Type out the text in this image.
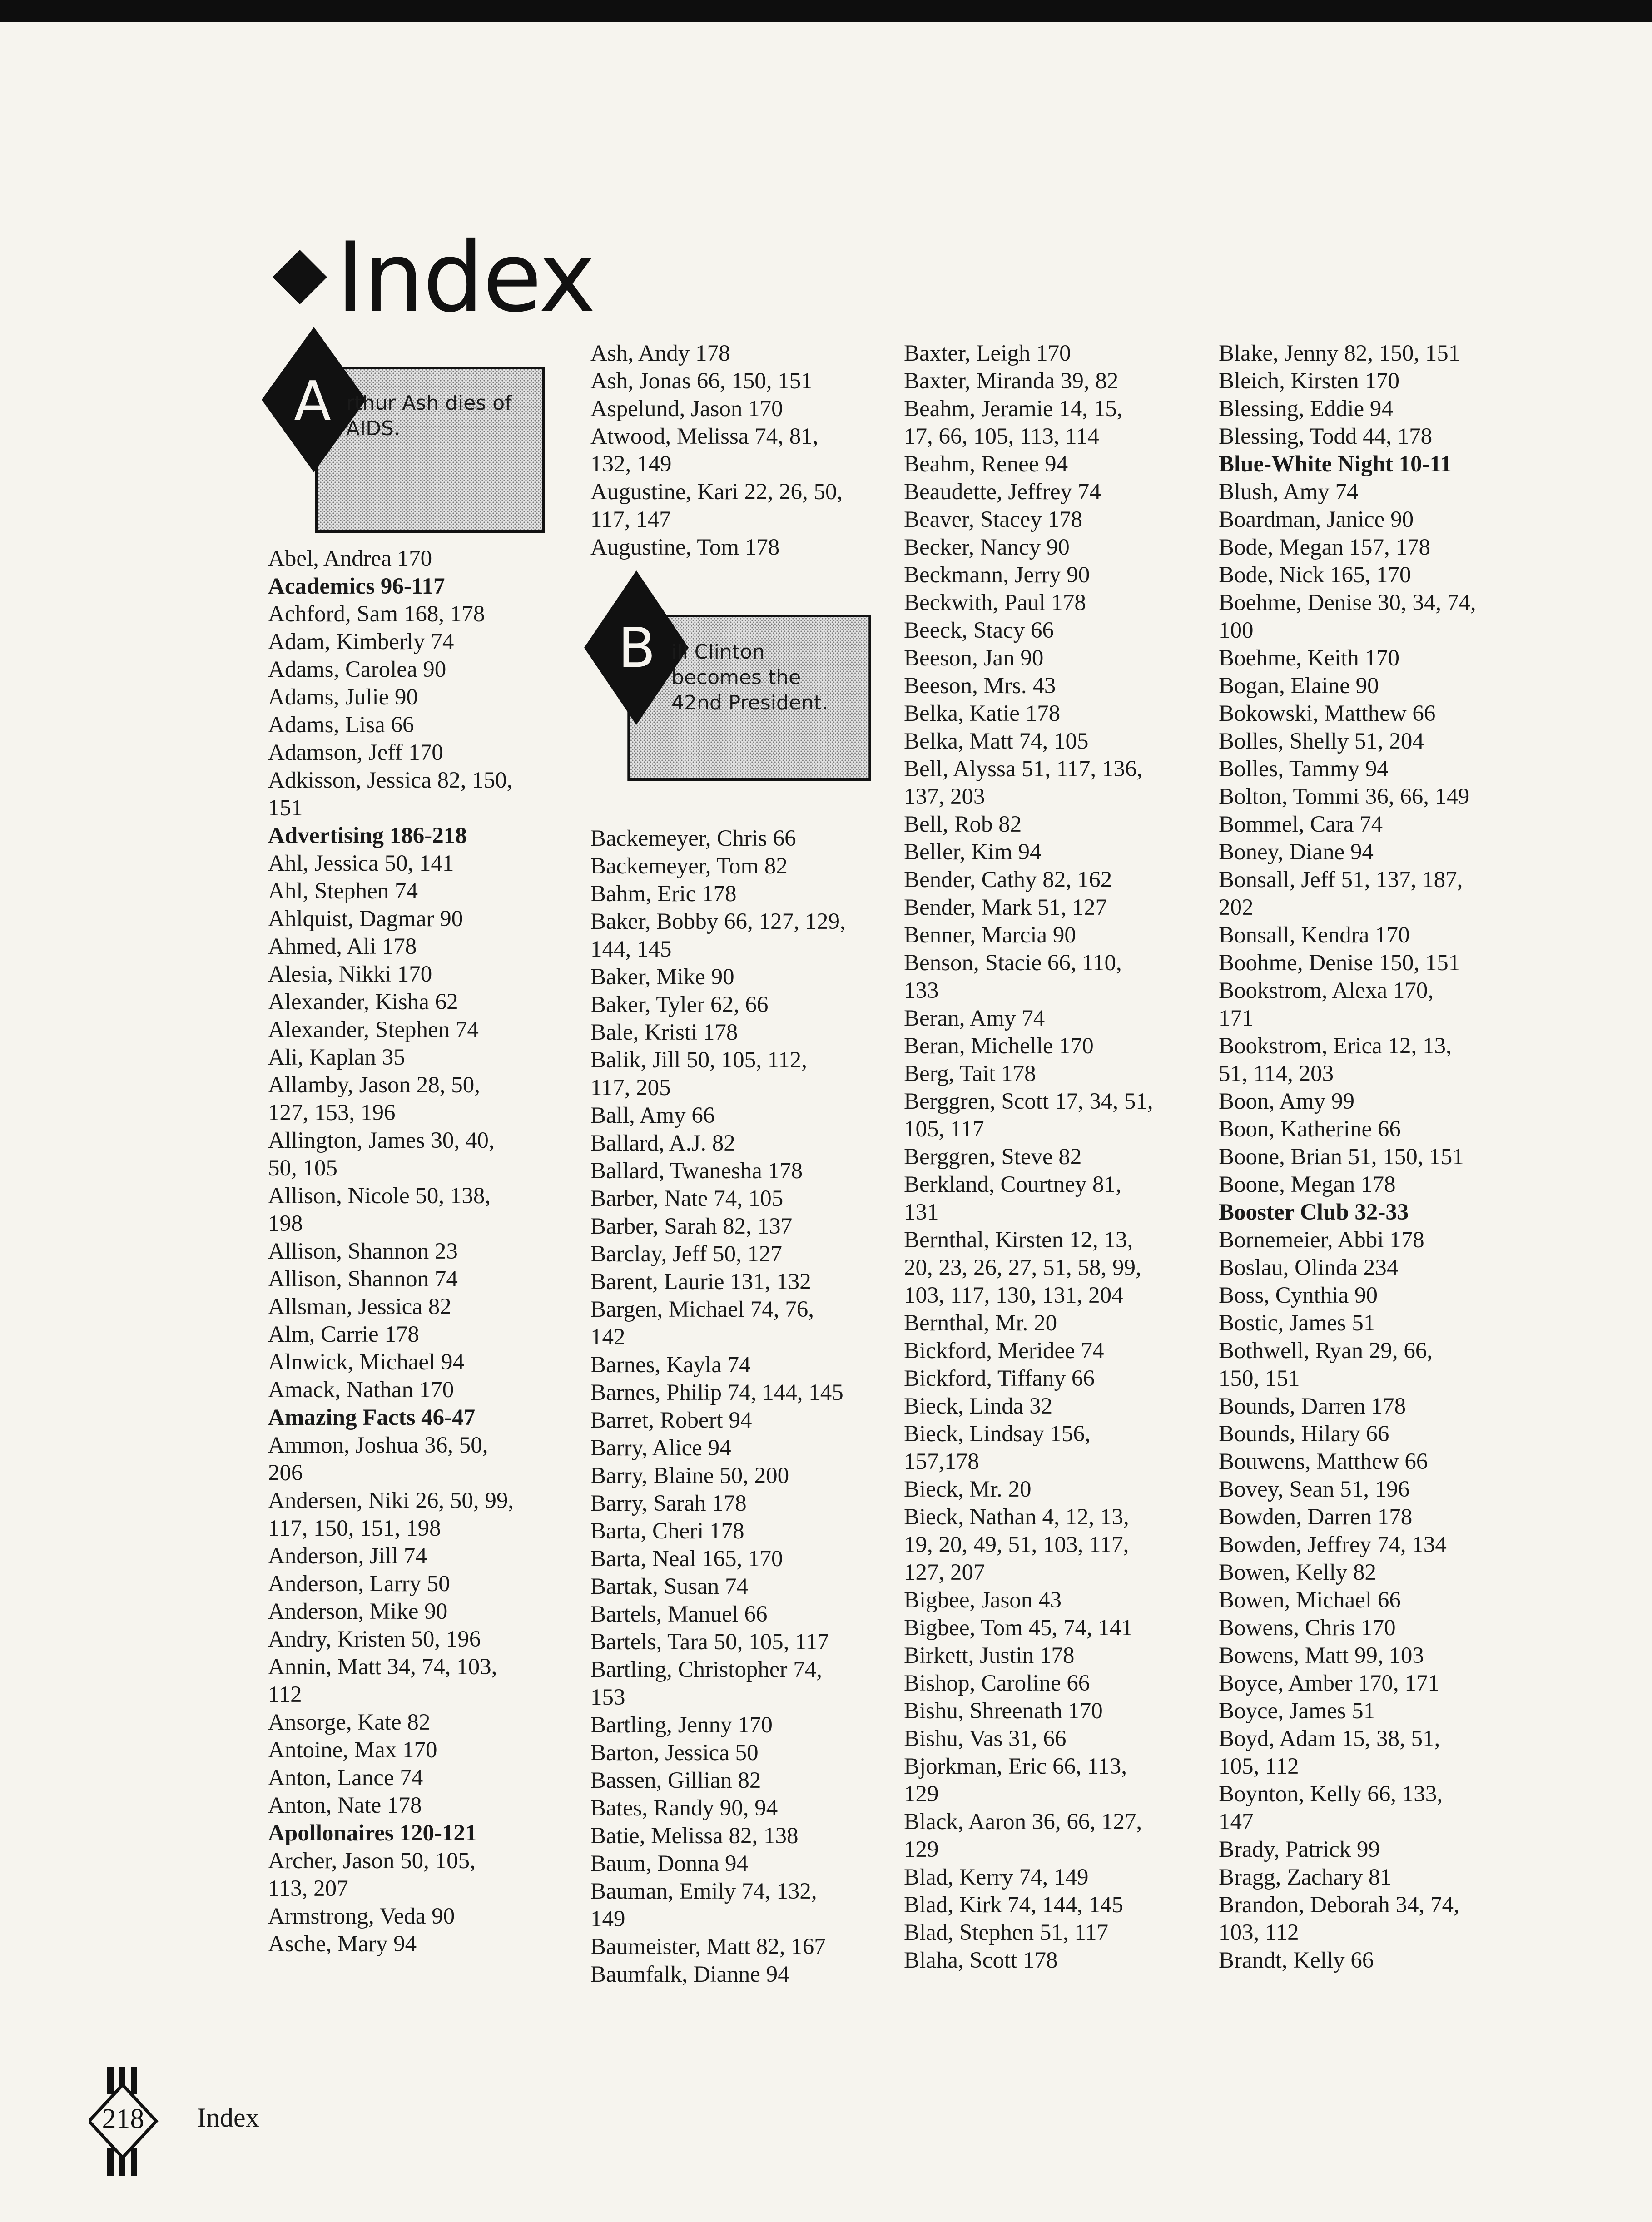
Index
A rthur Ash dies of
AIDS.
Abel, Andrea 170
Academics 96-117
Achford, Sam 168, 178
Adam, Kimberly 74
Adams, Carolea 90
Adams, Julie 90
Adams, Lisa 66
Adamson, Jeff 170
Adkisson, Jessica 82, 150,
151
Advertising 186-218
Ahl, Jessica 50, 141
Ahl, Stephen 74
Ahlquist, Dagmar 90
Ahmed, Ali 178
Alesia, Nikki 170
Alexander, Kisha 62
Alexander, Stephen 74
Ali, Kaplan 35
Allamby, Jason 28, 50,
127, 153, 196
Allington, James 30, 40,
50, 105
Allison, Nicole 50, 138,
198
Allison, Shannon 23
Allison, Shannon 74
Allsman, Jessica 82
Alm, Carrie 178
Alnwick, Michael 94
Amack, Nathan 170
Amazing Facts 46-47
Ammon, Joshua 36, 50,
206
Andersen, Niki 26, 50, 99,
117, 150, 151, 198
Anderson, Jill 74
Anderson, Larry 50
Anderson, Mike 90
Andry, Kristen 50, 196
Annin, Matt 34, 74, 103,
112
Ansorge, Kate 82
Antoine, Max 170
Anton, Lance 74
Anton, Nate 178
Apollonaires 120-121
Archer, Jason 50, 105,
113, 207
Armstrong, Veda 90
Asche, Mary 94
Ash, Andy 178
Ash, Jonas 66, 150, 151
Aspelund, Jason 170
Atwood, Melissa 74, 81,
132, 149
Augustine, Kari 22, 26, 50,
117, 147
Augustine, Tom 178
B ill Clinton
becomes the
42nd President.
Backemeyer, Chris 66
Backemeyer, Tom 82
Bahm, Eric 178
Baker, Bobby 66, 127, 129,
144, 145
Baker, Mike 90
Baker, Tyler 62, 66
Bale, Kristi 178
Balik, Jill 50, 105, 112,
117, 205
Ball, Amy 66
Ballard, A.J. 82
Ballard, Twanesha 178
Barber, Nate 74, 105
Barber, Sarah 82, 137
Barclay, Jeff 50, 127
Barent, Laurie 131, 132
Bargen, Michael 74, 76,
142
Barnes, Kayla 74
Barnes, Philip 74, 144, 145
Barret, Robert 94
Barry, Alice 94
Barry, Blaine 50, 200
Barry, Sarah 178
Barta, Cheri 178
Barta, Neal 165, 170
Bartak, Susan 74
Bartels, Manuel 66
Bartels, Tara 50, 105, 117
Bartling, Christopher 74,
153
Bartling, Jenny 170
Barton, Jessica 50
Bassen, Gillian 82
Bates, Randy 90, 94
Batie, Melissa 82, 138
Baum, Donna 94
Bauman, Emily 74, 132,
149
Baumeister, Matt 82, 167
Baumfalk, Dianne 94
Baxter, Leigh 170
Baxter, Miranda 39, 82
Beahm, Jeramie 14, 15,
17, 66, 105, 113, 114
Beahm, Renee 94
Beaudette, Jeffrey 74
Beaver, Stacey 178
Becker, Nancy 90
Beckmann, Jerry 90
Beckwith, Paul 178
Beeck, Stacy 66
Beeson, Jan 90
Beeson, Mrs. 43
Belka, Katie 178
Belka, Matt 74, 105
Bell, Alyssa 51, 117, 136,
137, 203
Bell, Rob 82
Beller, Kim 94
Bender, Cathy 82, 162
Bender, Mark 51, 127
Benner, Marcia 90
Benson, Stacie 66, 110,
133
Beran, Amy 74
Beran, Michelle 170
Berg, Tait 178
Berggren, Scott 17, 34, 51,
105, 117
Berggren, Steve 82
Berkland, Courtney 81,
131
Bernthal, Kirsten 12, 13,
20, 23, 26, 27, 51, 58, 99,
103, 117, 130, 131, 204
Bernthal, Mr. 20
Bickford, Meridee 74
Bickford, Tiffany 66
Bieck, Linda 32
Bieck, Lindsay 156,
157,178
Bieck, Mr. 20
Bieck, Nathan 4, 12, 13,
19, 20, 49, 51, 103, 117,
127, 207
Bigbee, Jason 43
Bigbee, Tom 45, 74, 141
Birkett, Justin 178
Bishop, Caroline 66
Bishu, Shreenath 170
Bishu, Vas 31, 66
Bjorkman, Eric 66, 113,
129
Black, Aaron 36, 66, 127,
129
Blad, Kerry 74, 149
Blad, Kirk 74, 144, 145
Blad, Stephen 51, 117
Blaha, Scott 178
Blake, Jenny 82, 150, 151
Bleich, Kirsten 170
Blessing, Eddie 94
Blessing, Todd 44, 178
Blue-White Night 10-11
Blush, Amy 74
Boardman, Janice 90
Bode, Megan 157, 178
Bode, Nick 165, 170
Boehme, Denise 30, 34, 74,
100
Boehme, Keith 170
Bogan, Elaine 90
Bokowski, Matthew 66
Bolles, Shelly 51, 204
Bolles, Tammy 94
Bolton, Tommi 36, 66, 149
Bommel, Cara 74
Boney, Diane 94
Bonsall, Jeff 51, 137, 187,
202
Bonsall, Kendra 170
Boohme, Denise 150, 151
Bookstrom, Alexa 170,
171
Bookstrom, Erica 12, 13,
51, 114, 203
Boon, Amy 99
Boon, Katherine 66
Boone, Brian 51, 150, 151
Boone, Megan 178
Booster Club 32-33
Bornemeier, Abbi 178
Boslau, Olinda 234
Boss, Cynthia 90
Bostic, James 51
Bothwell, Ryan 29, 66,
150, 151
Bounds, Darren 178
Bounds, Hilary 66
Bouwens, Matthew 66
Bovey, Sean 51, 196
Bowden, Darren 178
Bowden, Jeffrey 74, 134
Bowen, Kelly 82
Bowen, Michael 66
Bowens, Chris 170
Bowens, Matt 99, 103
Boyce, Amber 170, 171
Boyce, James 51
Boyd, Adam 15, 38, 51,
105, 112
Boynton, Kelly 66, 133,
147
Brady, Patrick 99
Bragg, Zachary 81
Brandon, Deborah 34, 74,
103, 112
Brandt, Kelly 66
218	Index
